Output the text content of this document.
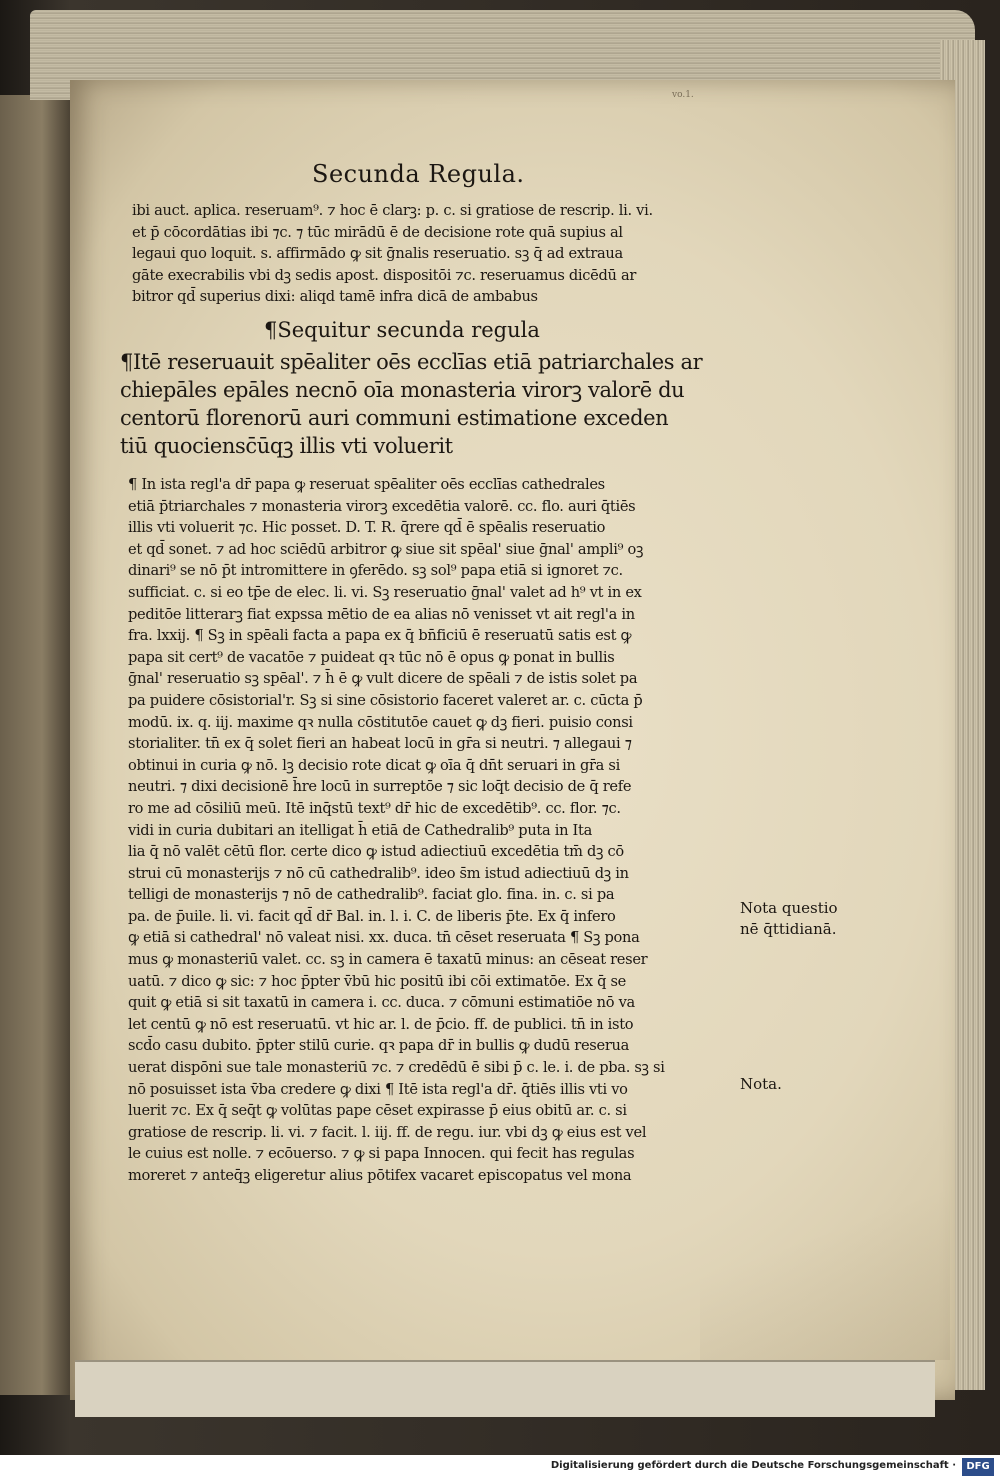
vo.1.
Secunda Regula.
ibi auct. aplica. reseruam⁹. ⁊ hoc ē clarꝫ: p. c. si gratiose de rescrip. li. vi.
et p̄ cōcordātias ibi ⁊c. ⁊ tūc mirādū ē de decisione rote quā supius al
legaui quo loquit. s. affirmādo ꝙ sit ḡnalis reseruatio. sꝫ q̄ ad extraua
gāte execrabilis vbi dꝫ sedis apost. dispositōi ⁊c. reseruamus dicēdū ar
bitror qd̄ superius dixi: aliqd tamē infra dicā de ambabus
¶Sequitur secunda regula
¶Itē reseruauit spēaliter oēs ecclīas etiā patriarchales ar
chiepāles epāles necnō oīa monasteria virorꝫ valorē du
centorū florenorū auri communi estimatione exceden
tiū quociensc̄ūqꝫ illis vti voluerit
¶ In ista regl'a dr̄ papa ꝙ reseruat spēaliter oēs ecclīas cathedrales
etiā p̄triarchales ⁊ monasteria virorꝫ excedētia valorē. cc. flo. auri q̄tiēs
illis vti voluerit ⁊c. Hic posset. D. T. R. q̄rere qd̄ ē spēalis reseruatio
et qd̄ sonet. ⁊ ad hoc sciēdū arbitror ꝙ siue sit spēal' siue ḡnal' ampli⁹ oꝫ
dinari⁹ se nō p̄t intromittere in ꝯferēdo. sꝫ sol⁹ papa etiā si ignoret ⁊c.
sufficiat. c. si eo tp̄e de elec. li. vi. Sꝫ reseruatio ḡnal' valet ad h⁹ vt in ex
peditōe litterarꝫ fiat expssa mētio de ea alias nō venisset vt ait regl'a in
fra. lxxij. ¶ Sꝫ in spēali facta a papa ex q̄ bn̄ficiū ē reseruatū satis est ꝙ
papa sit cert⁹ de vacatōe ⁊ puideat qꝛ tūc nō ē opus ꝙ ponat in bullis
ḡnal' reseruatio sꝫ spēal'. ⁊ h̄ ē ꝙ vult dicere de spēali ⁊ de istis solet pa
pa puidere cōsistorial'r. Sꝫ si sine cōsistorio faceret valeret ar. c. cūcta p̄
modū. ix. q. iij. maxime qꝛ nulla cōstitutōe cauet ꝙ dꝫ fieri. puisio consi
storialiter. tn̄ ex q̄ solet fieri an habeat locū in gr̄a si neutri. ⁊ allegaui ⁊
obtinui in curia ꝙ nō. lꝫ decisio rote dicat ꝙ oīa q̄ dn̄t seruari in gr̄a si
neutri. ⁊ dixi decisionē h̄re locū in surreptōe ⁊ sic loq̄t decisio de q̄ refe
ro me ad cōsiliū meū. Itē inq̄stū text⁹ dr̄ hic de excedētib⁹. cc. flor. ⁊c.
vidi in curia dubitari an itelligat h̄ etiā de Cathedralib⁹ puta in Ita
lia q̄ nō valēt cētū flor. certe dico ꝙ istud adiectiuū excedētia tm̄ dꝫ cō
strui cū monasterijs ⁊ nō cū cathedralib⁹. ideo s̄m istud adiectiuū dꝫ in
telligi de monasterijs ⁊ nō de cathedralib⁹. faciat glo. fina. in. c. si pa
pa. de p̄uile. li. vi. facit qd̄ dr̄ Bal. in. l. i. C. de liberis p̄te. Ex q̄ infero
ꝙ etiā si cathedral' nō valeat nisi. xx. duca. tn̄ cēset reseruata ¶ Sꝫ pona
mus ꝙ monasteriū valet. cc. sꝫ in camera ē taxatū minus: an cēseat reser
uatū. ⁊ dico ꝙ sic: ⁊ hoc p̄pter v̄bū hic positū ibi cōi extimatōe. Ex q̄ se
quit ꝙ etiā si sit taxatū in camera i. cc. duca. ⁊ cōmuni estimatiōe nō va
let centū ꝙ nō est reseruatū. vt hic ar. l. de p̄cio. ff. de publici. tn̄ in isto
scd̄o casu dubito. p̄pter stilū curie. qꝛ papa dr̄ in bullis ꝙ dudū reserua
uerat dispōni sue tale monasteriū ⁊c. ⁊ credēdū ē sibi p̄ c. le. i. de pba. sꝫ si
nō posuisset ista v̄ba credere ꝙ dixi ¶ Itē ista regl'a dr̄. q̄tiēs illis vti vo
luerit ⁊c. Ex q̄ seq̄t ꝙ volūtas pape cēset expirasse p̄ eius obitū ar. c. si
gratiose de rescrip. li. vi. ⁊ facit. l. iij. ff. de regu. iur. vbi dꝫ ꝙ eius est vel
le cuius est nolle. ⁊ ecōuerso. ⁊ ꝙ si papa Innocen. qui fecit has regulas
moreret ⁊ anteq̄ꝫ eligeretur alius pōtifex vacaret episcopatus vel mona
Nota questio
nē q̄ttidianā.
Nota.
Digitalisierung gefördert durch die Deutsche Forschungsgemeinschaft ·	DFG
